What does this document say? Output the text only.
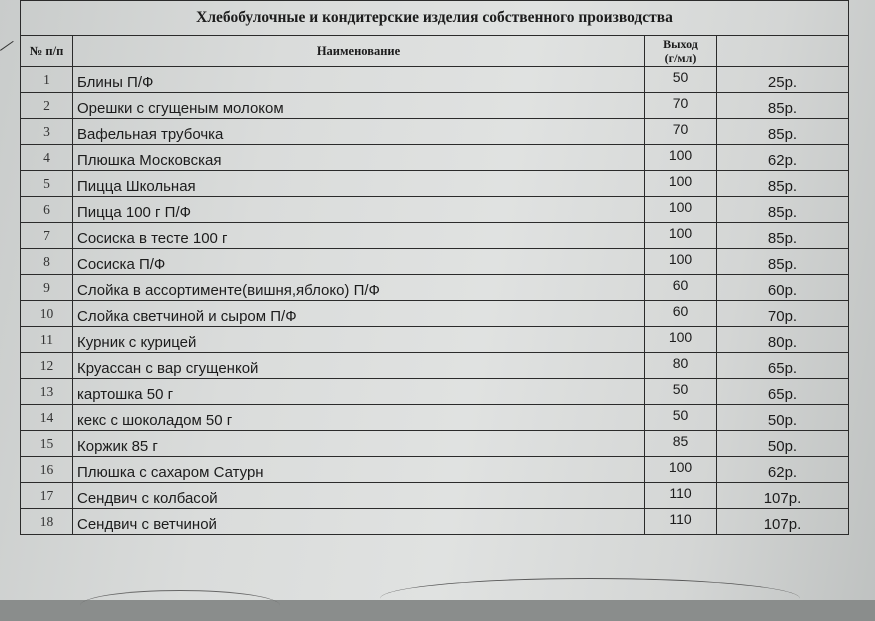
Хлебобулочные и кондитерские изделия собственного производства			
№ п/п	Наименование	Выход
(г/мл)	

1	Блины П/Ф	50	25р.
2	Орешки с сгущеным молоком	70	85р.
3	Вафельная трубочка	70	85р.
4	Плюшка Московская	100	62р.
5	Пицца Школьная	100	85р.
6	Пицца 100 г П/Ф	100	85р.
7	Сосиска в тесте 100 г	100	85р.
8	Сосиска П/Ф	100	85р.
9	Слойка в ассортименте(вишня,яблоко) П/Ф	60	60р.
10	Слойка светчиной и сыром П/Ф	60	70р.
11	Курник с курицей	100	80р.
12	Круассан с вар сгущенкой	80	65р.
13	картошка 50 г	50	65р.
14	кекс с шоколадом 50 г	50	50р.
15	Коржик 85 г	85	50р.
16	Плюшка с сахаром Сатурн	100	62р.
17	Сендвич с колбасой	110	107р.
18	Сендвич с ветчиной	110	107р.
